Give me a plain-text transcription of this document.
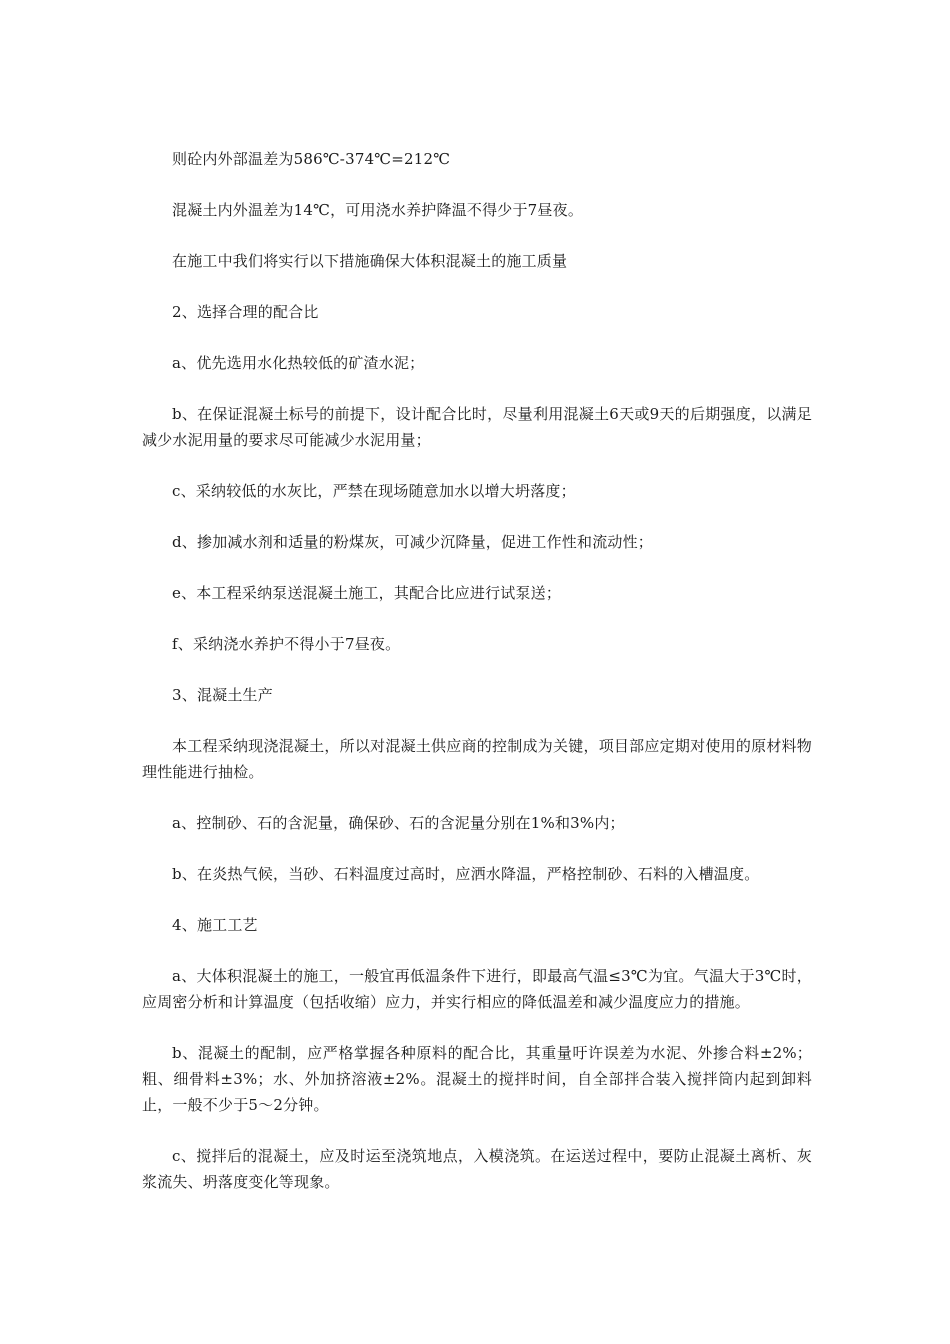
则砼内外部温差为586℃-374℃=212℃

混凝土内外温差为14℃，可用浇水养护降温不得少于7昼夜。

在施工中我们将实行以下措施确保大体积混凝土的施工质量

2、选择合理的配合比

a、优先选用水化热较低的矿渣水泥；

b、在保证混凝土标号的前提下，设计配合比时，尽量利用混凝土6天或9天的后期强度，以满足减少水泥用量的要求尽可能减少水泥用量；

c、采纳较低的水灰比，严禁在现场随意加水以增大坍落度；

d、掺加减水剂和适量的粉煤灰，可减少沉降量，促进工作性和流动性；

e、本工程采纳泵送混凝土施工，其配合比应进行试泵送；

f、采纳浇水养护不得小于7昼夜。

3、混凝土生产

本工程采纳现浇混凝土，所以对混凝土供应商的控制成为关键，项目部应定期对使用的原材料物理性能进行抽检。

a、控制砂、石的含泥量，确保砂、石的含泥量分别在1%和3%内；

b、在炎热气候，当砂、石料温度过高时，应洒水降温，严格控制砂、石料的入槽温度。

4、施工工艺

a、大体积混凝土的施工，一般宜再低温条件下进行，即最高气温≤3℃为宜。气温大于3℃时，应周密分析和计算温度（包括收缩）应力，并实行相应的降低温差和减少温度应力的措施。

b、混凝土的配制，应严格掌握各种原料的配合比，其重量吁许误差为水泥、外掺合料±2%；粗、细骨料±3%；水、外加挤溶液±2%。混凝土的搅拌时间，自全部拌合装入搅拌筒内起到卸料止，一般不少于5～2分钟。

c、搅拌后的混凝土，应及时运至浇筑地点，入模浇筑。在运送过程中，要防止混凝土离析、灰浆流失、坍落度变化等现象。
